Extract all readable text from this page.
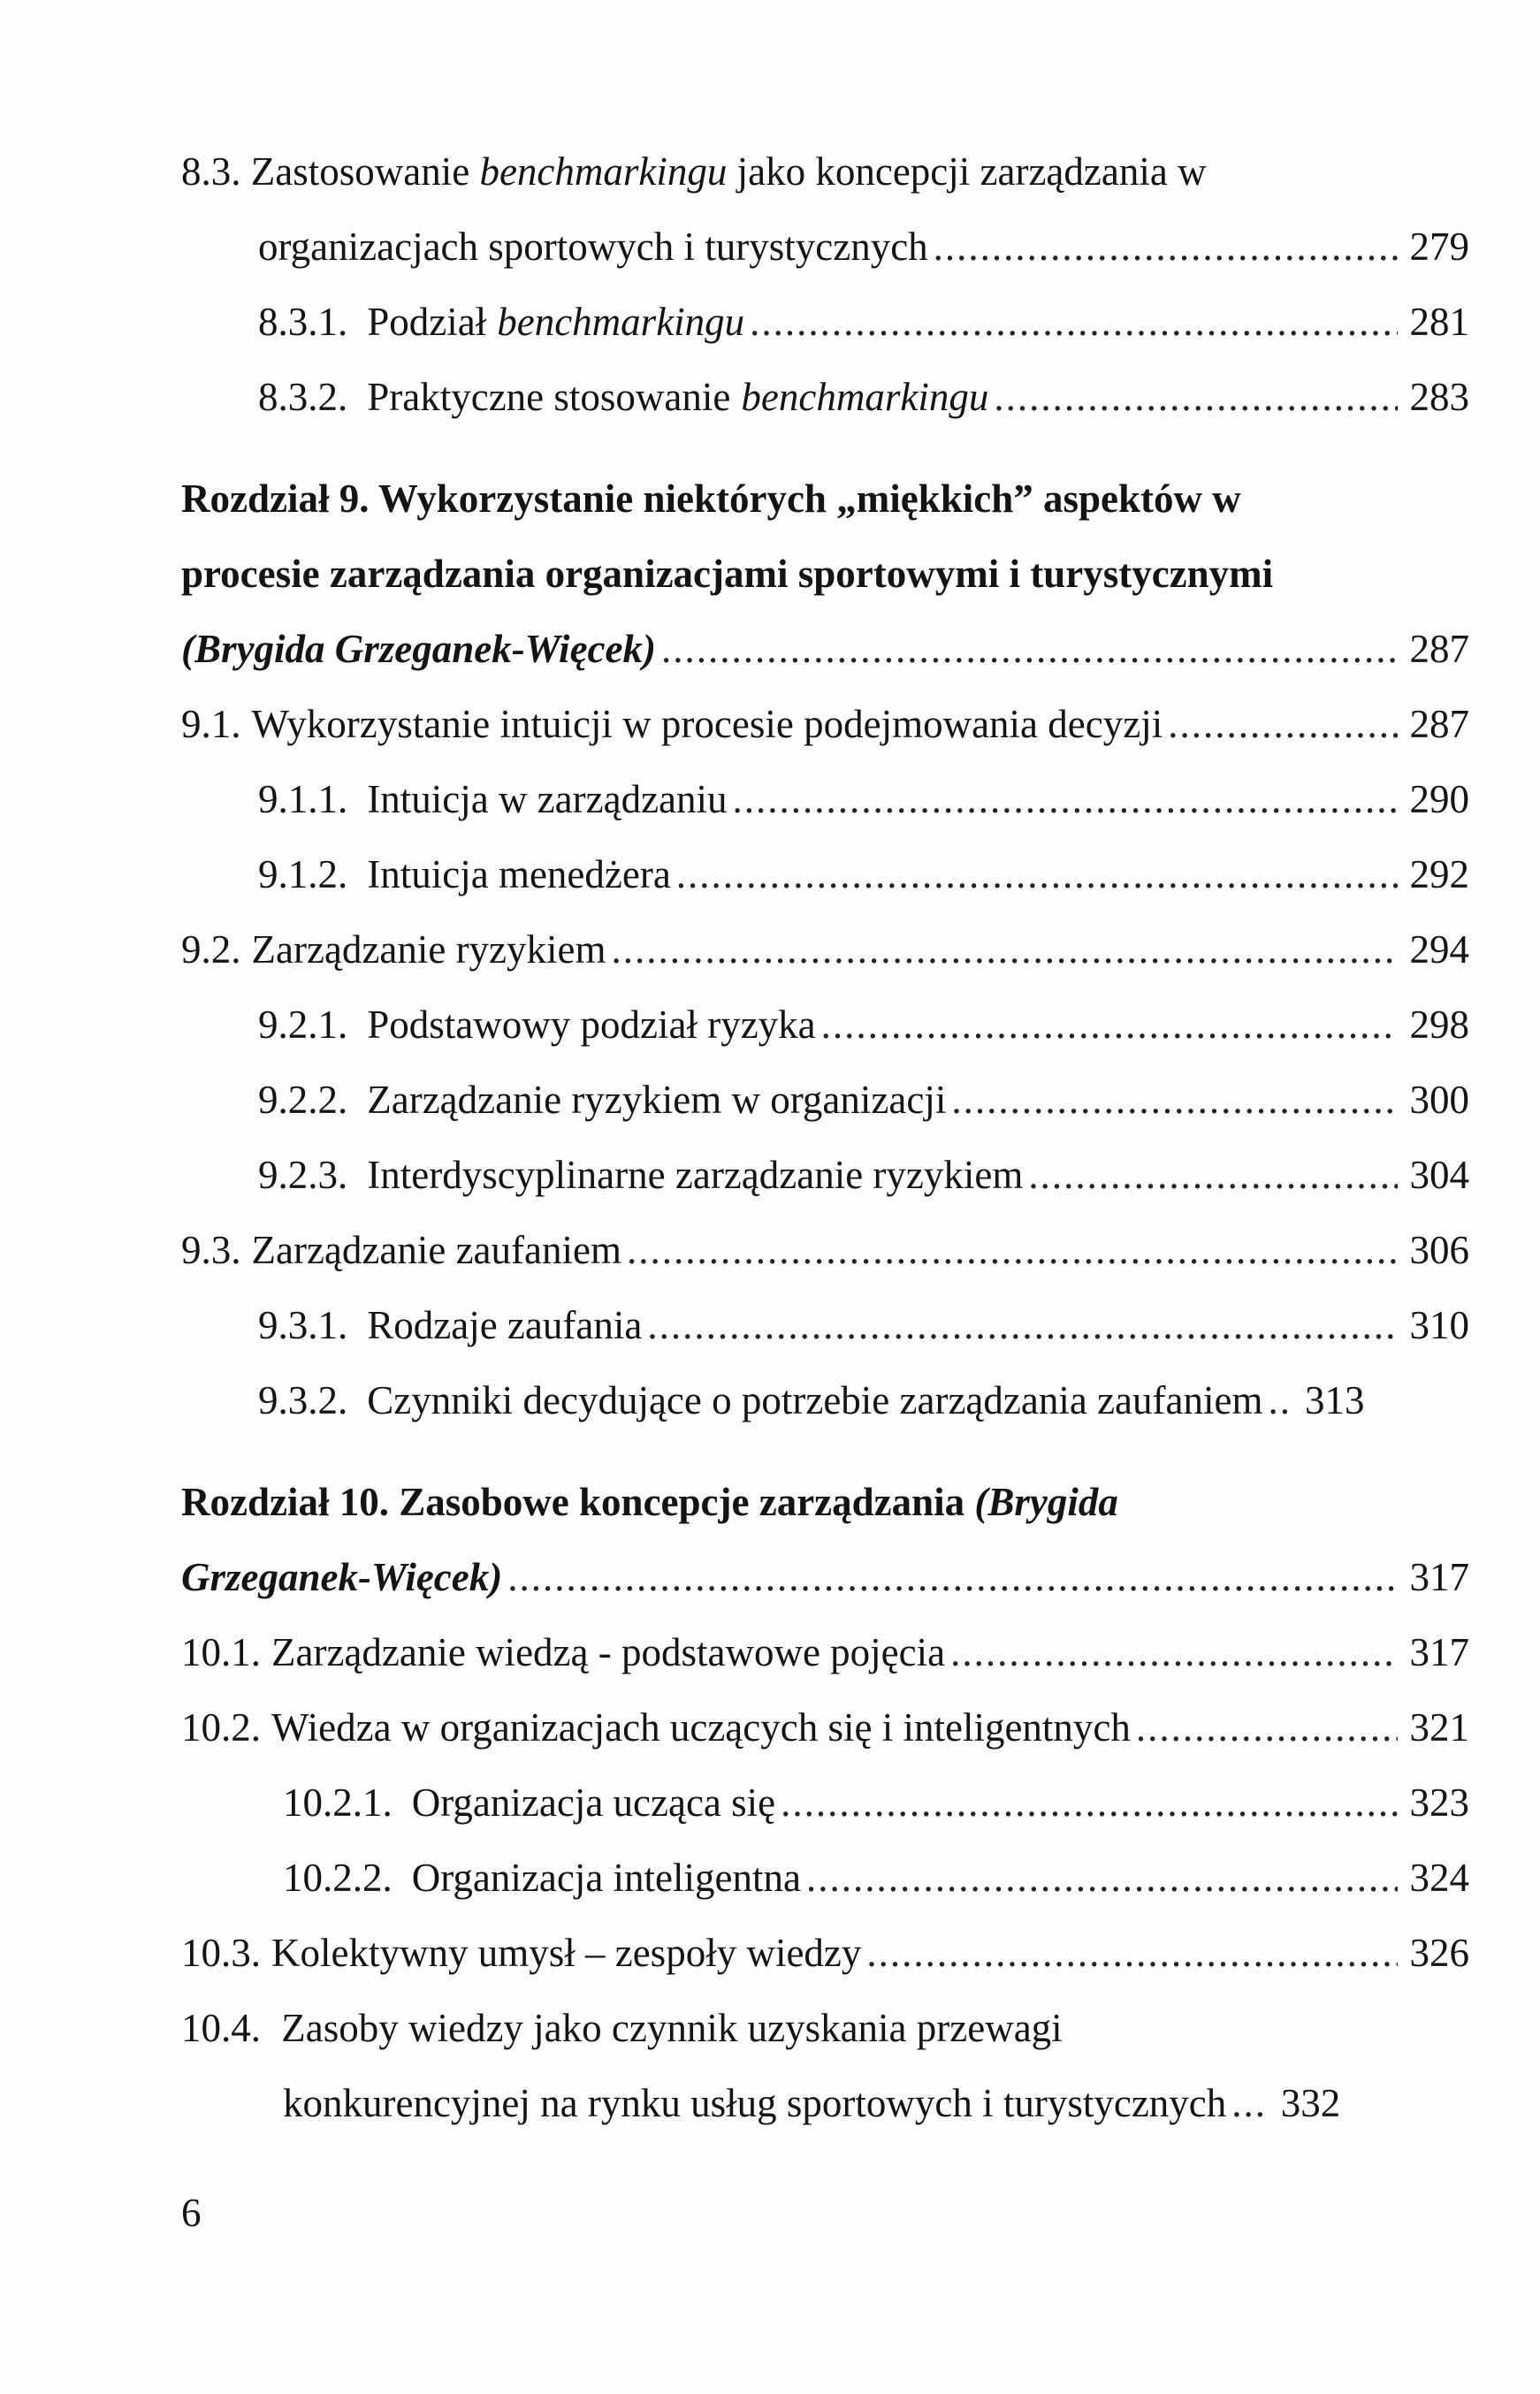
8.3. Zastosowanie benchmarkingu jako koncepcji zarządzania w
organizacjach sportowych i turystycznych .....	279
8.3.1. Podział benchmarkingu .....	281
8.3.2. Praktyczne stosowanie benchmarkingu .....	283
Rozdział 9. Wykorzystanie niektórych „miękkich” aspektów w
procesie zarządzania organizacjami sportowymi i turystycznymi
(Brygida Grzeganek-Więcek) .....	287
9.1. Wykorzystanie intuicji w procesie podejmowania decyzji .....	287
9.1.1. Intuicja w zarządzaniu .....	290
9.1.2. Intuicja menedżera .....	292
9.2. Zarządzanie ryzykiem .....	294
9.2.1. Podstawowy podział ryzyka .....	298
9.2.2. Zarządzanie ryzykiem w organizacji .....	300
9.2.3. Interdyscyplinarne zarządzanie ryzykiem .....	304
9.3. Zarządzanie zaufaniem .....	306
9.3.1. Rodzaje zaufania .....	310
9.3.2. Czynniki decydujące o potrzebie zarządzania zaufaniem ..... 313
Rozdział 10. Zasobowe koncepcje zarządzania (Brygida
Grzeganek-Więcek) .....	317
10.1. Zarządzanie wiedzą - podstawowe pojęcia .....	317
10.2. Wiedza w organizacjach uczących się i inteligentnych .....	321
10.2.1. Organizacja ucząca się .....	323
10.2.2. Organizacja inteligentna .....	324
10.3. Kolektywny umysł – zespoły wiedzy .....	326
10.4. Zasoby wiedzy jako czynnik uzyskania przewagi
konkurencyjnej na rynku usług sportowych i turystycznych ..... 332
6
